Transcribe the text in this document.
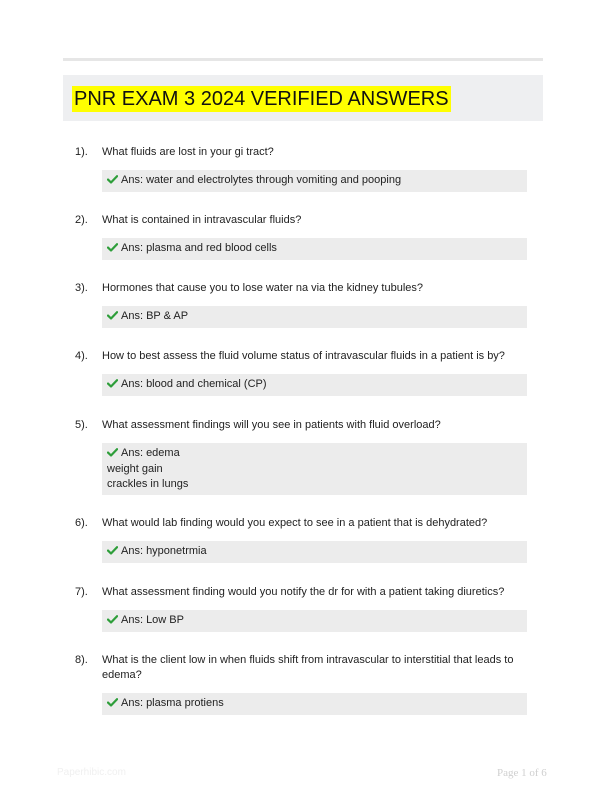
PNR EXAM 3 2024 VERIFIED ANSWERS
1).	What fluids are lost in your gi tract?
Ans: water and electrolytes through vomiting and pooping
2).	What is contained in intravascular fluids?
Ans: plasma and red blood cells
3).	Hormones that cause you to lose water na via the kidney tubules?
Ans: BP & AP
4).	How to best assess the fluid volume status of intravascular fluids in a patient is by?
Ans: blood and chemical (CP)
5).	What assessment findings will you see in patients with fluid overload?
Ans: edema
weight gain
crackles in lungs
6).	What would lab finding would you expect to see in a patient that is dehydrated?
Ans: hyponetrmia
7).	What assessment finding would you notify the dr for with a patient taking diuretics?
Ans: Low BP
8).	What is the client low in when fluids shift from intravascular to interstitial that leads to edema?
Ans: plasma protiens
Paperhibic.com	Page 1 of 6
